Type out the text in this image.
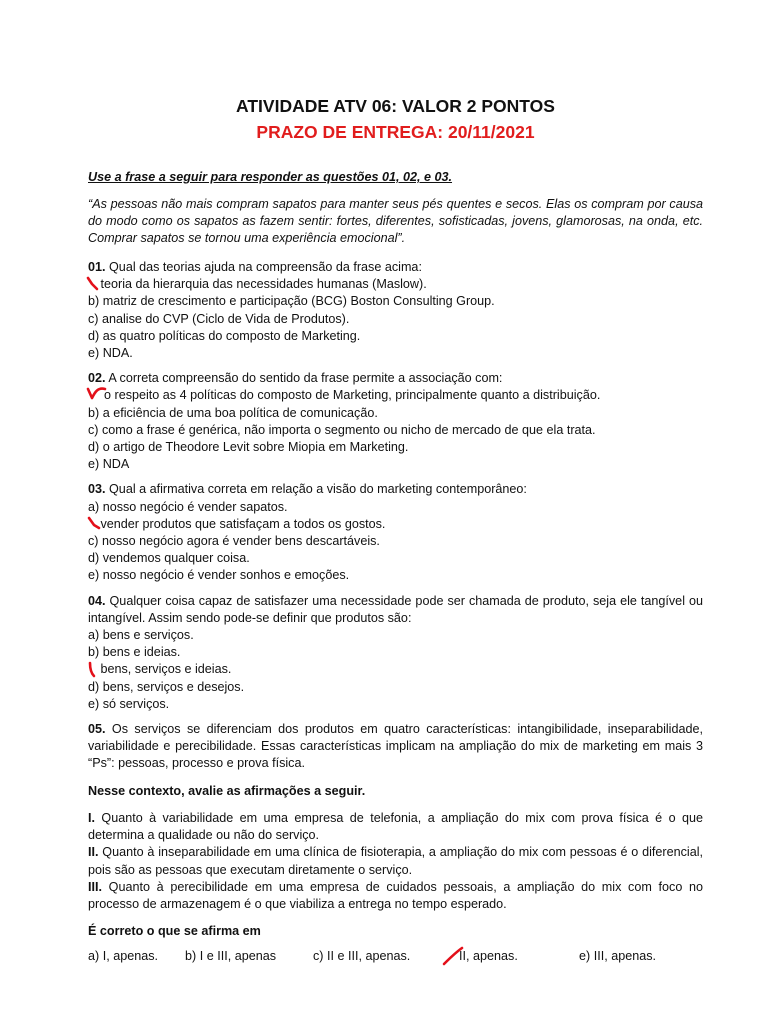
ATIVIDADE ATV 06: VALOR 2 PONTOS
PRAZO DE ENTREGA: 20/11/2021
Use a frase a seguir para responder as questões 01, 02, e 03.
“As pessoas não mais compram sapatos para manter seus pés quentes e secos. Elas os compram por causa do modo como os sapatos as fazem sentir: fortes, diferentes, sofisticadas, jovens, glamorosas, na onda, etc. Comprar sapatos se tornou uma experiência emocional”.
01. Qual das teorias ajuda na compreensão da frase acima:
teoria da hierarquia das necessidades humanas (Maslow).
b) matriz de crescimento e participação (BCG) Boston Consulting Group.
c) analise do CVP (Ciclo de Vida de Produtos).
d) as quatro políticas do composto de Marketing.
e) NDA.
02. A correta compreensão do sentido da frase permite a associação com:
o respeito as 4 políticas do composto de Marketing, principalmente quanto a distribuição.
b) a eficiência de uma boa política de comunicação.
c) como a frase é genérica, não importa o segmento ou nicho de mercado de que ela trata.
d) o artigo de Theodore Levit sobre Miopia em Marketing.
e) NDA
03. Qual a afirmativa correta em relação a visão do marketing contemporâneo:
a) nosso negócio é vender sapatos.
vender produtos que satisfaçam a todos os gostos.
c) nosso negócio agora é vender bens descartáveis.
d) vendemos qualquer coisa.
e) nosso negócio é vender sonhos e emoções.
04. Qualquer coisa capaz de satisfazer uma necessidade pode ser chamada de produto, seja ele tangível ou intangível. Assim sendo pode-se definir que produtos são:
a) bens e serviços.
b) bens e ideias.
bens, serviços e ideias.
d) bens, serviços e desejos.
e) só serviços.
05. Os serviços se diferenciam dos produtos em quatro características: intangibilidade, inseparabilidade, variabilidade e perecibilidade. Essas características implicam na ampliação do mix de marketing em mais 3 “Ps”: pessoas, processo e prova física.
Nesse contexto, avalie as afirmações a seguir.
I. Quanto à variabilidade em uma empresa de telefonia, a ampliação do mix com prova física é o que determina a qualidade ou não do serviço.
II. Quanto à inseparabilidade em uma clínica de fisioterapia, a ampliação do mix com pessoas é o diferencial, pois são as pessoas que executam diretamente o serviço.
III. Quanto à perecibilidade em uma empresa de cuidados pessoais, a ampliação do mix com foco no processo de armazenagem é o que viabiliza a entrega no tempo esperado.
É correto o que se afirma em
a) I, apenas.	b) I e III, apenas	c) II e III, apenas.	II, apenas.	e) III, apenas.
